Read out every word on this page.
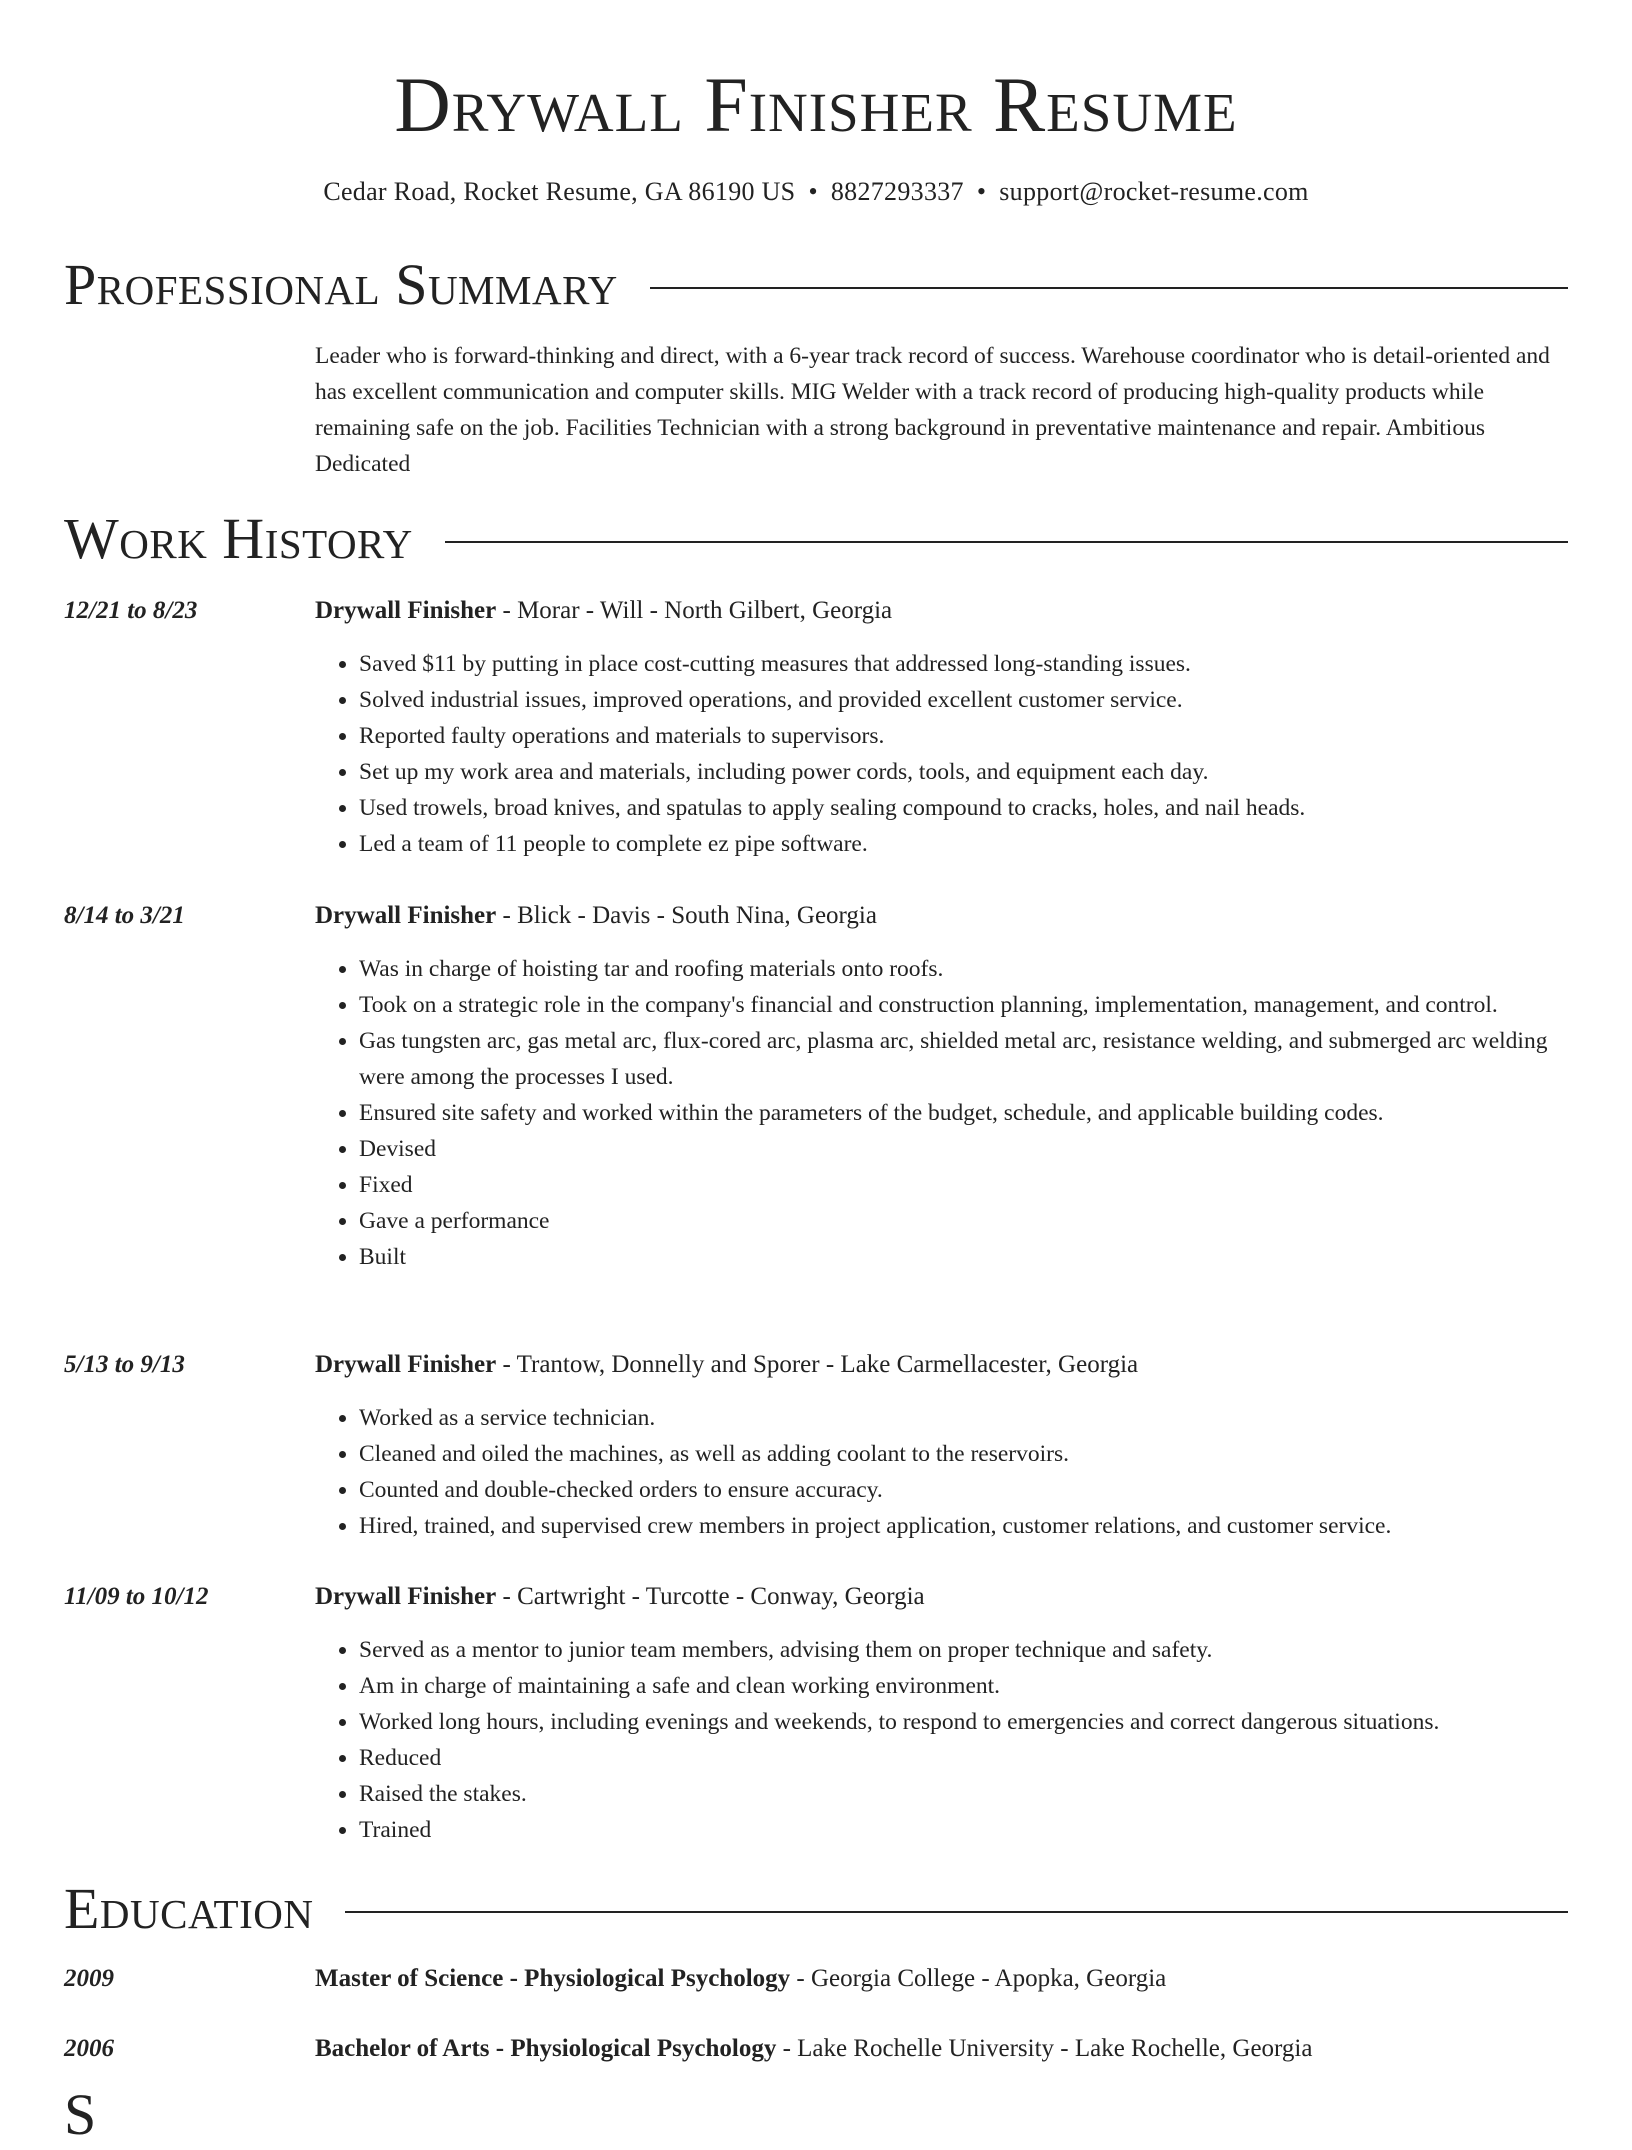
Drywall Finisher Resume
Cedar Road, Rocket Resume, GA 86190 US • 8827293337 • support@rocket-resume.com
Professional Summary

Leader who is forward-thinking and direct, with a 6-year track record of success. Warehouse coordinator who is detail-oriented and has excellent communication and computer skills. MIG Welder with a track record of producing high-quality products while remaining safe on the job. Facilities Technician with a strong background in preventative maintenance and repair. Ambitious Dedicated

Work History
12/21 to 8/23	Drywall Finisher - Morar - Will - North Gilbert, Georgia
• Saved $11 by putting in place cost-cutting measures that addressed long-standing issues.
• Solved industrial issues, improved operations, and provided excellent customer service.
• Reported faulty operations and materials to supervisors.
• Set up my work area and materials, including power cords, tools, and equipment each day.
• Used trowels, broad knives, and spatulas to apply sealing compound to cracks, holes, and nail heads.
• Led a team of 11 people to complete ez pipe software.
8/14 to 3/21	Drywall Finisher - Blick - Davis - South Nina, Georgia
• Was in charge of hoisting tar and roofing materials onto roofs.
• Took on a strategic role in the company's financial and construction planning, implementation, management, and control.
• Gas tungsten arc, gas metal arc, flux-cored arc, plasma arc, shielded metal arc, resistance welding, and submerged arc welding were among the processes I used.
• Ensured site safety and worked within the parameters of the budget, schedule, and applicable building codes.
• Devised
• Fixed
• Gave a performance
• Built
5/13 to 9/13	Drywall Finisher - Trantow, Donnelly and Sporer - Lake Carmellacester, Georgia
• Worked as a service technician.
• Cleaned and oiled the machines, as well as adding coolant to the reservoirs.
• Counted and double-checked orders to ensure accuracy.
• Hired, trained, and supervised crew members in project application, customer relations, and customer service.
11/09 to 10/12	Drywall Finisher - Cartwright - Turcotte - Conway, Georgia
• Served as a mentor to junior team members, advising them on proper technique and safety.
• Am in charge of maintaining a safe and clean working environment.
• Worked long hours, including evenings and weekends, to respond to emergencies and correct dangerous situations.
• Reduced
• Raised the stakes.
• Trained
Education
2009	Master of Science - Physiological Psychology - Georgia College - Apopka, Georgia
2006	Bachelor of Arts - Physiological Psychology - Lake Rochelle University - Lake Rochelle, Georgia
S
